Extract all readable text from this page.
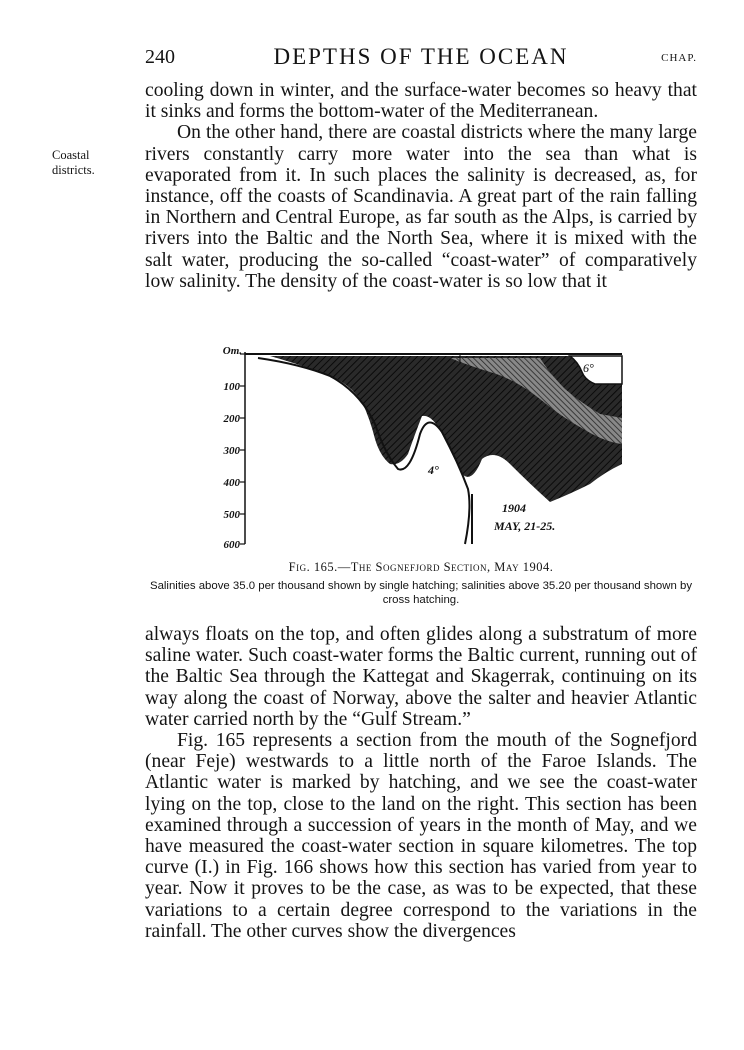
240	DEPTHS OF THE OCEAN	CHAP.
Coastal districts.

cooling down in winter, and the surface-water becomes so heavy that it sinks and forms the bottom-water of the Mediterranean.

On the other hand, there are coastal districts where the many large rivers constantly carry more water into the sea than what is evaporated from it. In such places the salinity is decreased, as, for instance, off the coasts of Scandinavia. A great part of the rain falling in Northern and Central Europe, as far south as the Alps, is carried by rivers into the Baltic and the North Sea, where it is mixed with the salt water, producing the so-called “coast-water” of comparatively low salinity. The density of the coast-water is so low that it

Om.
100
200
300
400
500
600
6°
4°
1904
MAY, 21-25.
Fig. 165.—The Sognefjord Section, May 1904.
Salinities above 35.0 per thousand shown by single hatching; salinities above 35.20 per thousand shown by cross hatching.

always floats on the top, and often glides along a substratum of more saline water. Such coast-water forms the Baltic current, running out of the Baltic Sea through the Kattegat and Skagerrak, continuing on its way along the coast of Norway, above the salter and heavier Atlantic water carried north by the “Gulf Stream.”

Fig. 165 represents a section from the mouth of the Sognefjord (near Feje) westwards to a little north of the Faroe Islands. The Atlantic water is marked by hatching, and we see the coast-water lying on the top, close to the land on the right. This section has been examined through a succession of years in the month of May, and we have measured the coast-water section in square kilometres. The top curve (I.) in Fig. 166 shows how this section has varied from year to year. Now it proves to be the case, as was to be expected, that these variations to a certain degree correspond to the variations in the rainfall. The other curves show the divergences
